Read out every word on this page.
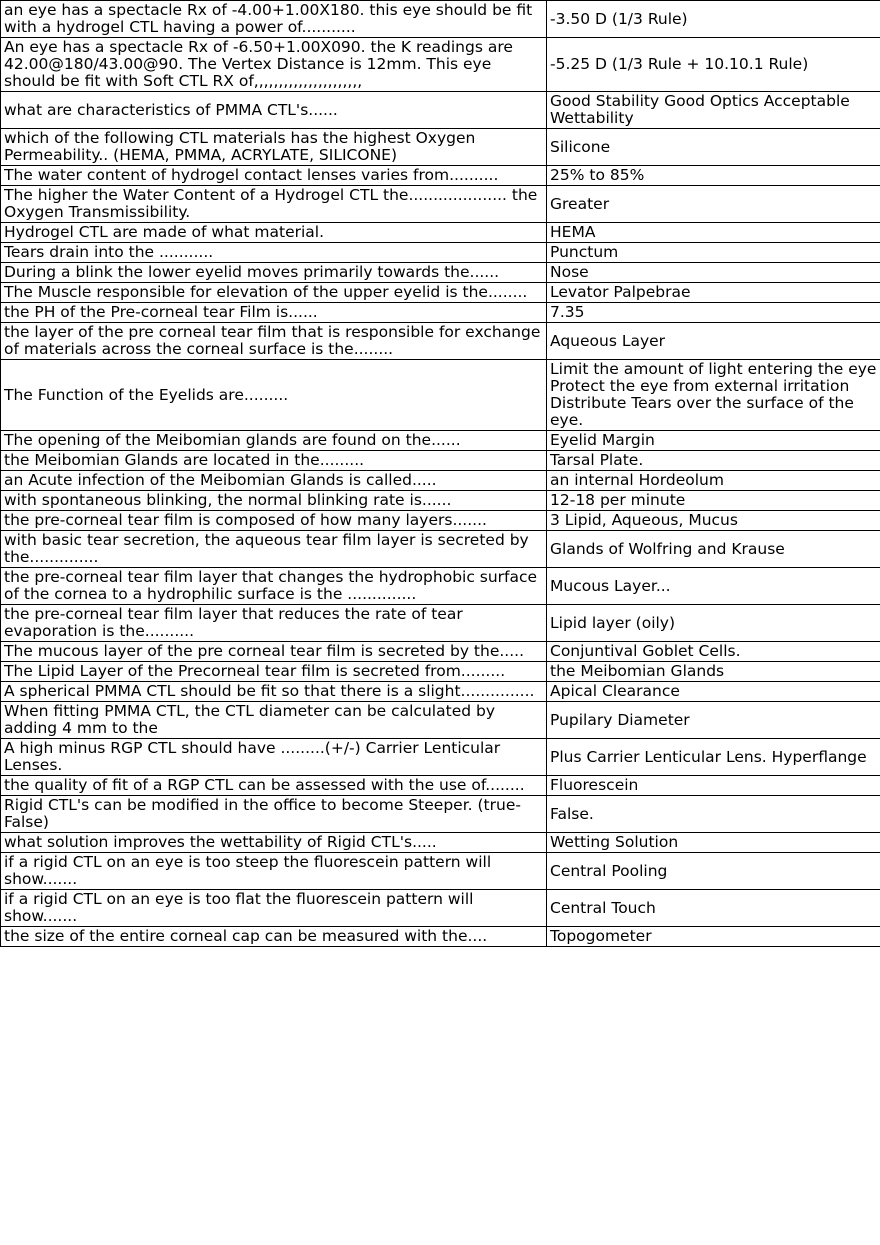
an eye has a spectacle Rx of -4.00+1.00X180. this eye should be fit with a hydrogel CTL having a power of...........	-3.50 D (1/3 Rule)
An eye has a spectacle Rx of -6.50+1.00X090. the K readings are 42.00@180/43.00@90. The Vertex Distance is 12mm. This eye should be fit with Soft CTL RX of,,,,,,,,,,,,,,,,,,,,,,	-5.25 D (1/3 Rule + 10.10.1 Rule)
what are characteristics of PMMA CTL's......	Good Stability Good Optics Acceptable Wettability
which of the following CTL materials has the highest Oxygen Permeability.. (HEMA, PMMA, ACRYLATE, SILICONE)	Silicone
The water content of hydrogel contact lenses varies from..........	25% to 85%
The higher the Water Content of a Hydrogel CTL the.................... the Oxygen Transmissibility.	Greater
Hydrogel CTL are made of what material.	HEMA
Tears drain into the ...........	Punctum
During a blink the lower eyelid moves primarily towards the......	Nose
The Muscle responsible for elevation of the upper eyelid is the........	Levator Palpebrae
the PH of the Pre-corneal tear Film is......	7.35
the layer of the pre corneal tear film that is responsible for exchange of materials across the corneal surface is the........	Aqueous Layer
The Function of the Eyelids are.........	Limit the amount of light entering the eye Protect the eye from external irritation Distribute Tears over the surface of the eye.
The opening of the Meibomian glands are found on the......	Eyelid Margin
the Meibomian Glands are located in the.........	Tarsal Plate.
an Acute infection of the Meibomian Glands is called.....	an internal Hordeolum
with spontaneous blinking, the normal blinking rate is......	12-18 per minute
the pre-corneal tear film is composed of how many layers.......	3 Lipid, Aqueous, Mucus
with basic tear secretion, the aqueous tear film layer is secreted by the..............	Glands of Wolfring and Krause
the pre-corneal tear film layer that changes the hydrophobic surface of the cornea to a hydrophilic surface is the ..............	Mucous Layer...
the pre-corneal tear film layer that reduces the rate of tear evaporation is the..........	Lipid layer (oily)
The mucous layer of the pre corneal tear film is secreted by the.....	Conjuntival Goblet Cells.
The Lipid Layer of the Precorneal tear film is secreted from.........	the Meibomian Glands
A spherical PMMA CTL should be fit so that there is a slight...............	Apical Clearance
When fitting PMMA CTL, the CTL diameter can be calculated by adding 4 mm to the	Pupilary Diameter
A high minus RGP CTL should have .........(+/-) Carrier Lenticular Lenses.	Plus Carrier Lenticular Lens. Hyperflange
the quality of fit of a RGP CTL can be assessed with the use of........	Fluorescein
Rigid CTL's can be modified in the office to become Steeper. (true-False)	False.
what solution improves the wettability of Rigid CTL's.....	Wetting Solution
if a rigid CTL on an eye is too steep the fluorescein pattern will show.......	Central Pooling
if a rigid CTL on an eye is too flat the fluorescein pattern will show.......	Central Touch
the size of the entire corneal cap can be measured with the....	Topogometer
